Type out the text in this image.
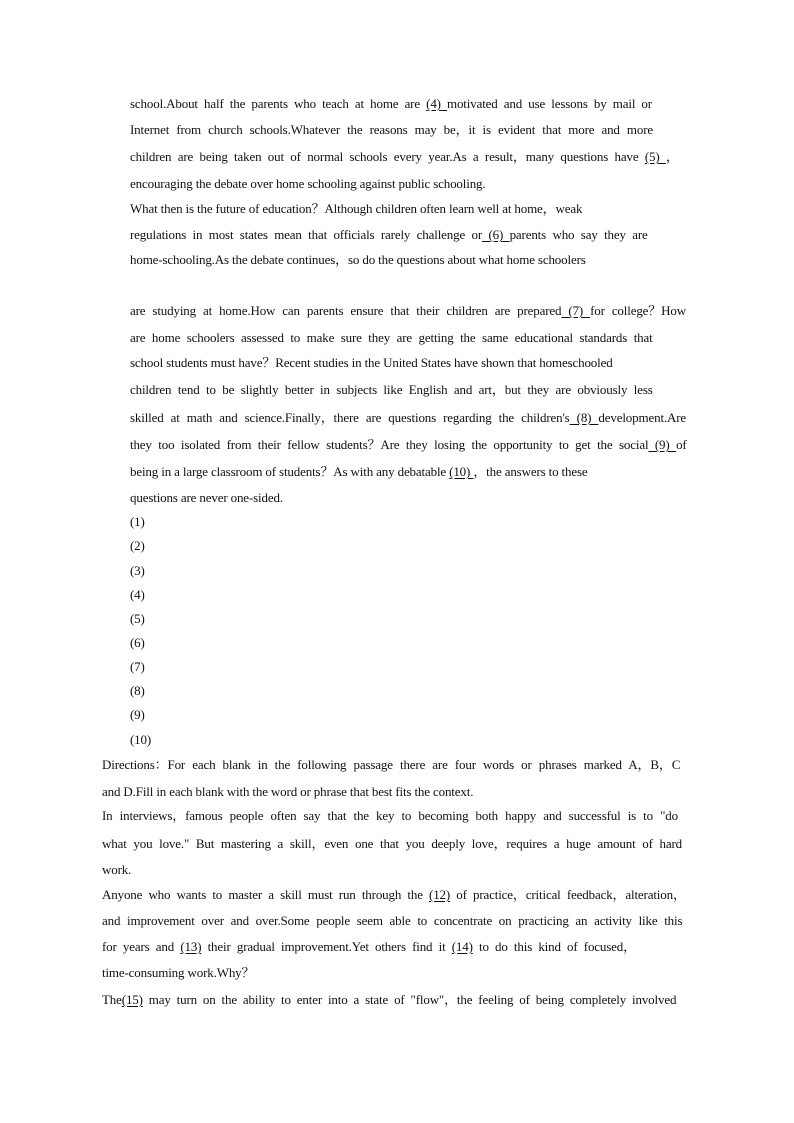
school.About half the parents who teach at home are (4) motivated and use lessons by mail or
Internet from church schools.Whatever the reasons may be，it is evident that more and more
children are being taken out of normal schools every year.As a result，many questions have (5) ，
encouraging the debate over home schooling against public schooling.
What then is the future of education？Although children often learn well at home，weak
regulations in most states mean that officials rarely challenge or (6) parents who say they are
home-schooling.As the debate continues，so do the questions about what home schoolers
are studying at home.How can parents ensure that their children are prepared (7) for college？How
are home schoolers assessed to make sure they are getting the same educational standards that
school students must have？Recent studies in the United States have shown that homeschooled
children tend to be slightly better in subjects like English and art，but they are obviously less
skilled at math and science.Finally，there are questions regarding the children's (8) development.Are
they too isolated from their fellow students？Are they losing the opportunity to get the social (9) of
being in a large classroom of students？As with any debatable (10) ，the answers to these
questions are never one-sided.
(1)
(2)
(3)
(4)
(5)
(6)
(7)
(8)
(9)
(10)
Directions：For each blank in the following passage there are four words or phrases marked A，B，C
and D.Fill in each blank with the word or phrase that best fits the context.
In interviews，famous people often say that the key to becoming both happy and successful is to "do
what you love." But mastering a skill，even one that you deeply love，requires a huge amount of hard
work.
Anyone who wants to master a skill must run through the (12) of practice，critical feedback，alteration，
and improvement over and over.Some people seem able to concentrate on practicing an activity like this
for years and (13) their gradual improvement.Yet others find it (14) to do this kind of focused，
time-consuming work.Why？
The(15) may turn on the ability to enter into a state of "flow"，the feeling of being completely involved
